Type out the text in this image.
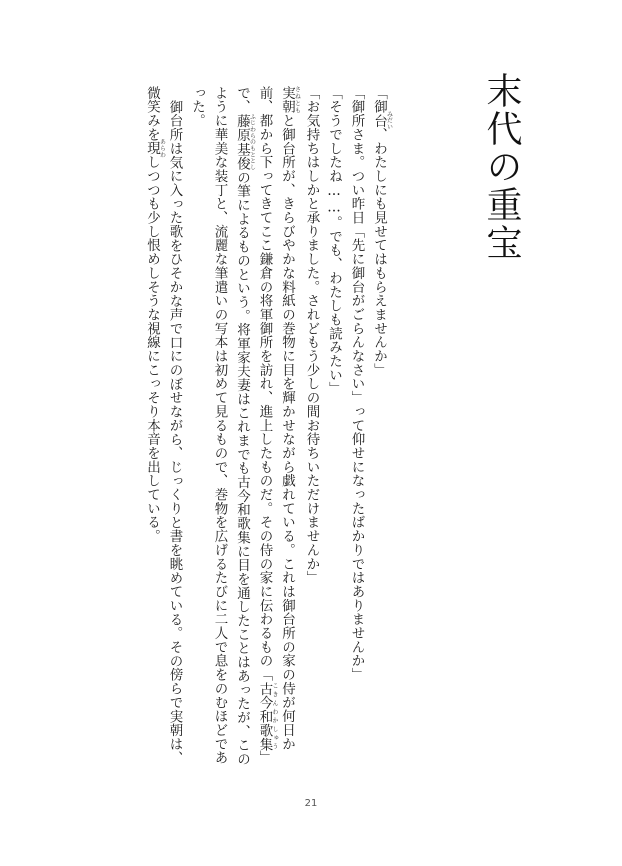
末代の重宝

「御台みだい、わたしにも見せてはもらえませんか」

「御所さま。つい昨日「先に御台がごらんなさい」って仰せになったばかりではありませんか」

「そうでしたね……。でも、わたしも読みたい」

「お気持ちはしかと承りました。されどもう少しの間お待ちいただけませんか」

実朝さねともと御台所が、きらびやかな料紙の巻物に目を輝かせながら戯れている。これは御台所の家の侍が何日か前、都から下ってきてここ鎌倉の将軍御所を訪れ、進上したものだ。その侍の家に伝わるもの「古今和歌集こきんわかしゅう」で、藤原基俊ふじわらのもととしの筆によるものという。将軍家夫妻はこれまでも古今和歌集に目を通したことはあったが、このように華美な装丁と、流麗な筆遣いの写本は初めて見るもので、巻物を広げるたびに二人で息をのむほどであった。

御台所は気に入った歌をひそかな声で口にのぼせながら、じっくりと書を眺めている。その傍らで実朝は、微笑みを現あらわしつつも少し恨めしそうな視線にこっそり本音を出している。

21
